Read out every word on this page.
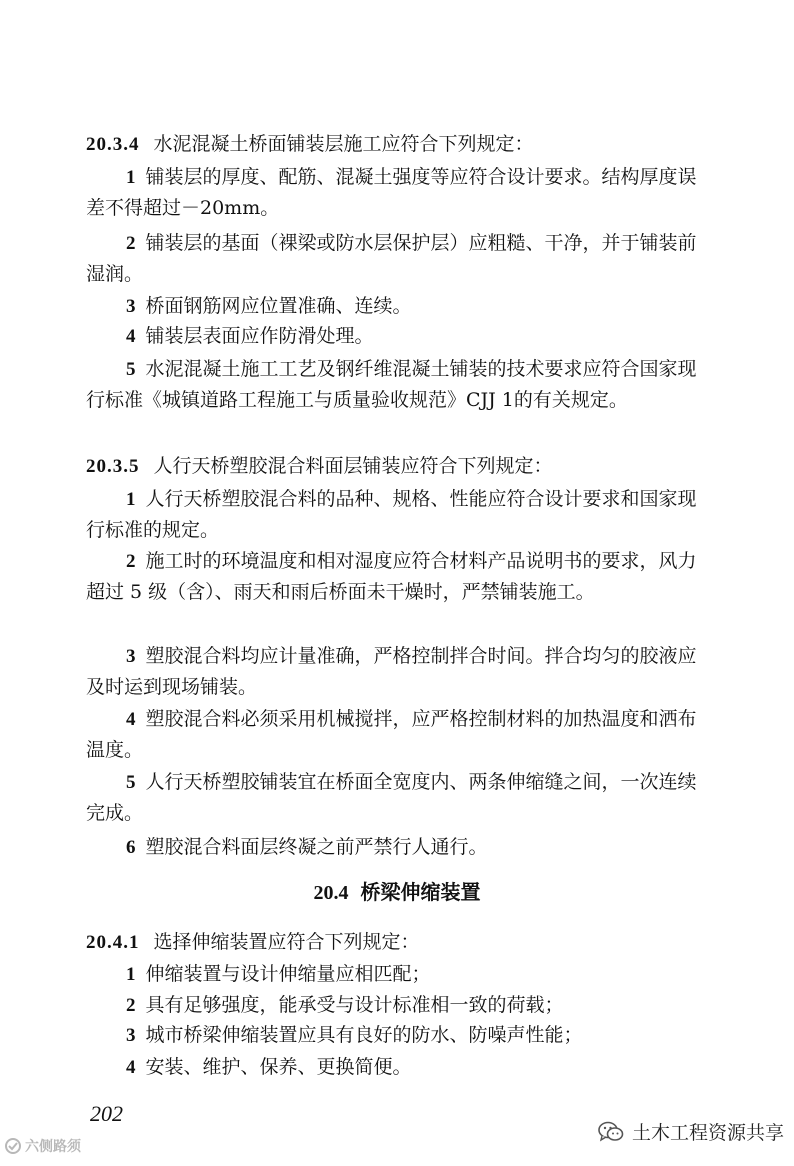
20.3.4 水泥混凝土桥面铺装层施工应符合下列规定：
1 铺装层的厚度、配筋、混凝土强度等应符合设计要求。结构厚度误差不得超过－20mm。
2 铺装层的基面（裸梁或防水层保护层）应粗糙、干净，并于铺装前湿润。
3 桥面钢筋网应位置准确、连续。
4 铺装层表面应作防滑处理。
5 水泥混凝土施工工艺及钢纤维混凝土铺装的技术要求应符合国家现行标准《城镇道路工程施工与质量验收规范》CJJ 1的有关规定。
20.3.5 人行天桥塑胶混合料面层铺装应符合下列规定：
1 人行天桥塑胶混合料的品种、规格、性能应符合设计要求和国家现行标准的规定。
2 施工时的环境温度和相对湿度应符合材料产品说明书的要求，风力超过 5 级（含）、雨天和雨后桥面未干燥时，严禁铺装施工。
3 塑胶混合料均应计量准确，严格控制拌合时间。拌合均匀的胶液应及时运到现场铺装。
4 塑胶混合料必须采用机械搅拌，应严格控制材料的加热温度和洒布温度。
5 人行天桥塑胶铺装宜在桥面全宽度内、两条伸缩缝之间，一次连续完成。
6 塑胶混合料面层终凝之前严禁行人通行。
20.4 桥梁伸缩装置
20.4.1 选择伸缩装置应符合下列规定：
1 伸缩装置与设计伸缩量应相匹配；
2 具有足够强度，能承受与设计标准相一致的荷载；
3 城市桥梁伸缩装置应具有良好的防水、防噪声性能；
4 安装、维护、保养、更换简便。
202
六侧路须
土木工程资源共享
